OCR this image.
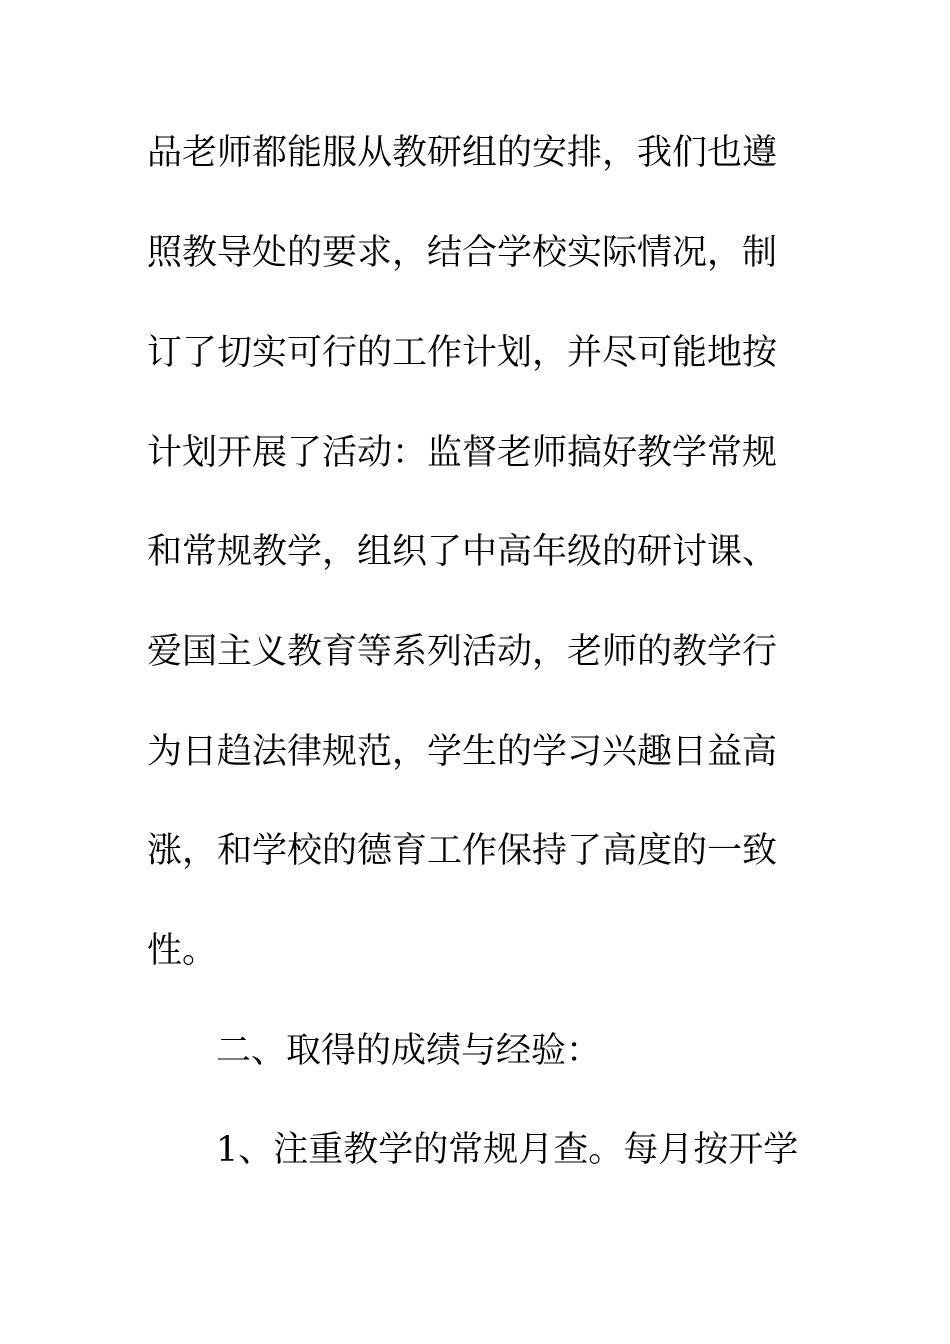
品老师都能服从教研组的安排，我们也遵
照教导处的要求，结合学校实际情况，制
订了切实可行的工作计划，并尽可能地按
计划开展了活动：监督老师搞好教学常规
和常规教学，组织了中高年级的研讨课、
爱国主义教育等系列活动，老师的教学行
为日趋法律规范，学生的学习兴趣日益高
涨，和学校的德育工作保持了高度的一致
性。
二、取得的成绩与经验：
1、注重教学的常规月查。每月按开学
